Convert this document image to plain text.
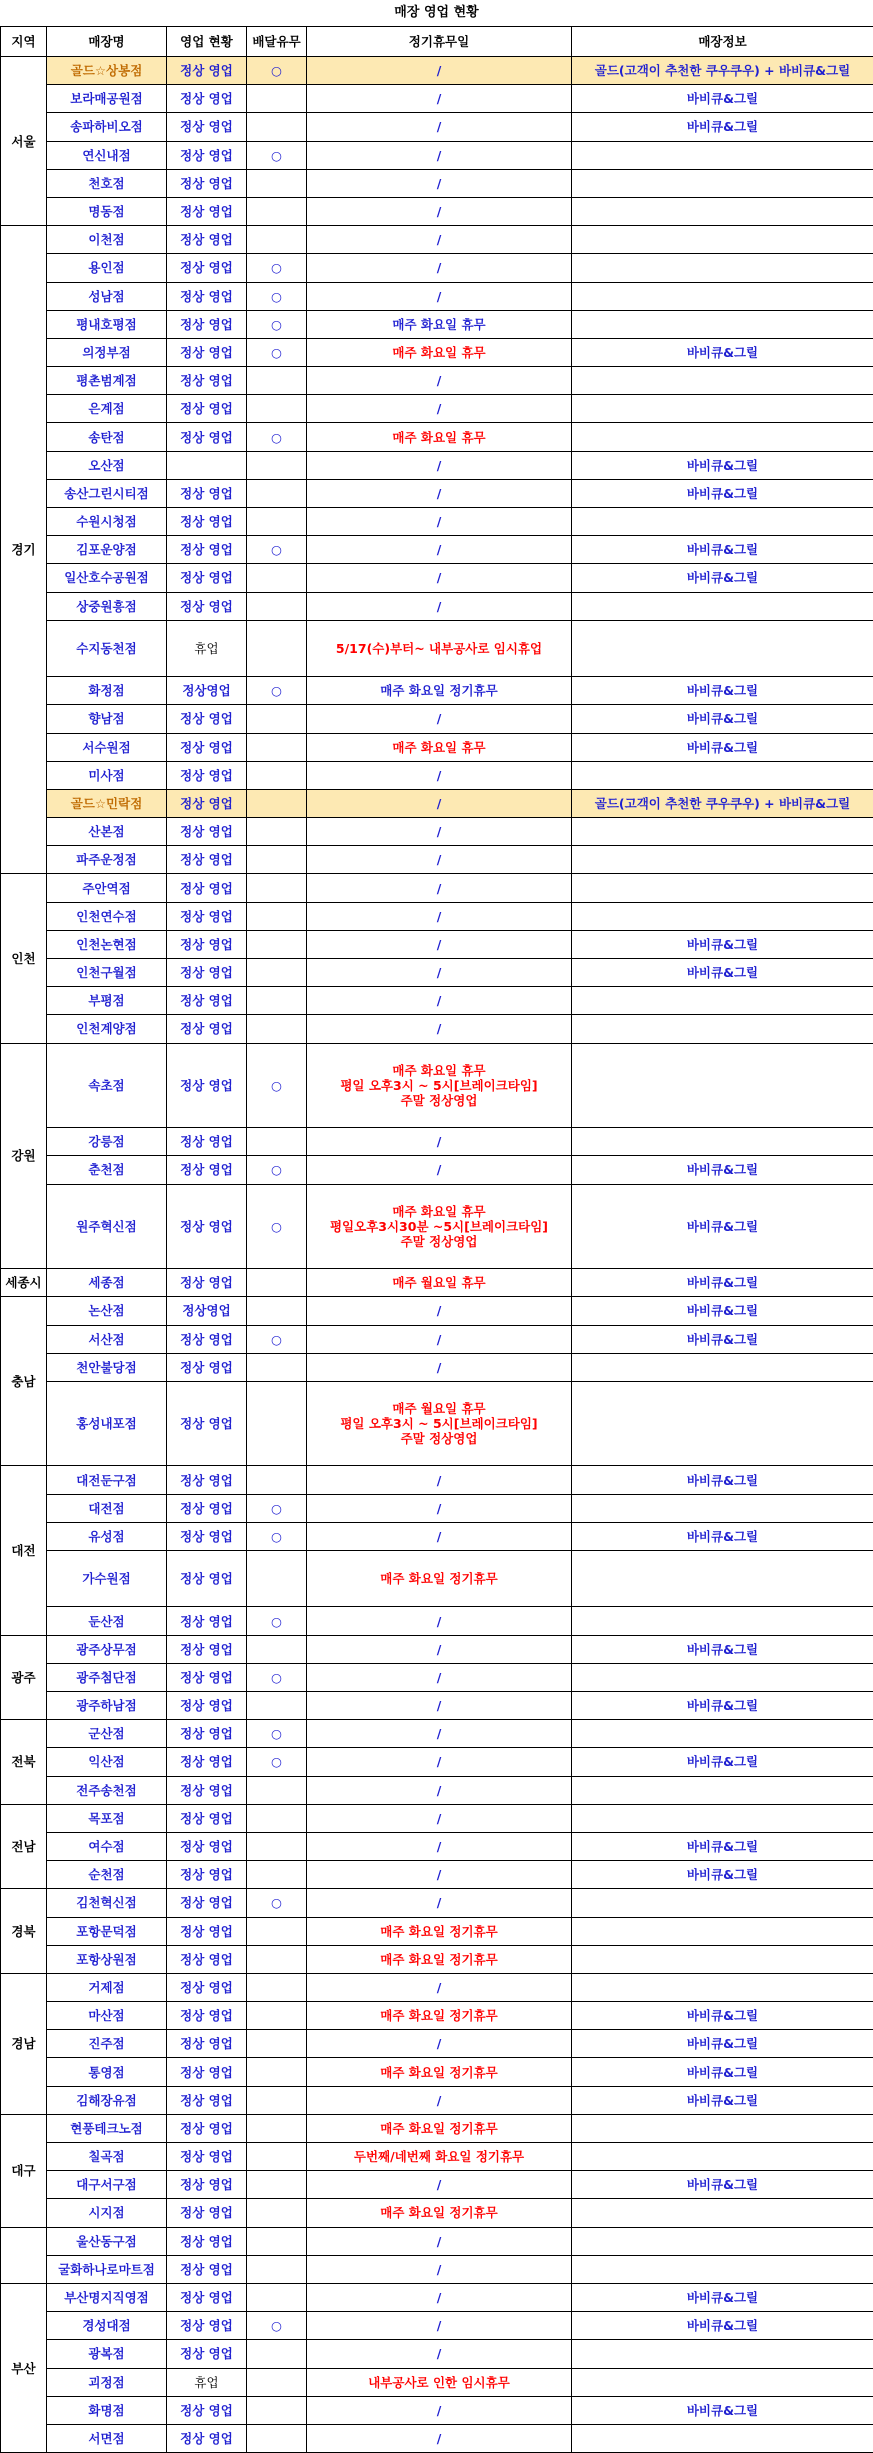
매장 영업 현황
지역	매장명	영업 현황	배달유무	정기휴무일	매장정보
서울	골드☆상봉점	정상 영업	○	/	골드(고객이 추천한 쿠우쿠우) + 바비큐&그릴
	보라매공원점	정상 영업		/	바비큐&그릴
	송파하비오점	정상 영업		/	바비큐&그릴
	연신내점	정상 영업	○	/	
	천호점	정상 영업		/	
	명동점	정상 영업		/	
경기	이천점	정상 영업		/	
	용인점	정상 영업	○	/	
	성남점	정상 영업	○	/	
	평내호평점	정상 영업	○	매주 화요일 휴무	
	의정부점	정상 영업	○	매주 화요일 휴무	바비큐&그릴
	평촌범계점	정상 영업		/	
	은계점	정상 영업		/	
	송탄점	정상 영업	○	매주 화요일 휴무	
	오산점			/	바비큐&그릴
	송산그린시티점	정상 영업		/	바비큐&그릴
	수원시청점	정상 영업		/	
	김포운양점	정상 영업	○	/	바비큐&그릴
	일산호수공원점	정상 영업		/	바비큐&그릴
	상중원흥점	정상 영업		/	
	수지동천점	휴업		5/17(수)부터~ 내부공사로 임시휴업	
	화정점	정상영업	○	매주 화요일 정기휴무	바비큐&그릴
	향남점	정상 영업		/	바비큐&그릴
	서수원점	정상 영업		매주 화요일 휴무	바비큐&그릴
	미사점	정상 영업		/	
	골드☆민락점	정상 영업		/	골드(고객이 추천한 쿠우쿠우) + 바비큐&그릴
	산본점	정상 영업		/	
	파주운정점	정상 영업		/	
인천	주안역점	정상 영업		/	
	인천연수점	정상 영업		/	
	인천논현점	정상 영업		/	바비큐&그릴
	인천구월점	정상 영업		/	바비큐&그릴
	부평점	정상 영업		/	
	인천계양점	정상 영업		/	
강원	속초점	정상 영업	○	매주 화요일 휴무
평일 오후3시 ~ 5시[브레이크타임]
주말 정상영업	

	강릉점	정상 영업		/	
	춘천점	정상 영업	○	/	바비큐&그릴
	원주혁신점	정상 영업	○	매주 화요일 휴무
평일오후3시30분 ~5시[브레이크타임]
주말 정상영업	바비큐&그릴
세종시	세종점	정상 영업		매주 월요일 휴무	바비큐&그릴
충남	논산점	정상영업		/	바비큐&그릴
	서산점	정상 영업	○	/	바비큐&그릴
	천안불당점	정상 영업		/	
	홍성내포점	정상 영업		매주 월요일 휴무
평일 오후3시 ~ 5시[브레이크타임]
주말 정상영업	

대전	대전둔구점	정상 영업		/	바비큐&그릴
	대전점	정상 영업	○	/	
	유성점	정상 영업	○	/	바비큐&그릴
	가수원점	정상 영업		매주 화요일 정기휴무	
	둔산점	정상 영업	○	/	
광주	광주상무점	정상 영업		/	바비큐&그릴
	광주첨단점	정상 영업	○	/	
	광주하남점	정상 영업		/	바비큐&그릴
전북	군산점	정상 영업	○	/	
	익산점	정상 영업	○	/	바비큐&그릴
	전주송천점	정상 영업		/	
전남	목포점	정상 영업		/	
	여수점	정상 영업		/	바비큐&그릴
	순천점	정상 영업		/	바비큐&그릴
경북	김천혁신점	정상 영업	○	/	
	포항문덕점	정상 영업		매주 화요일 정기휴무	
	포항상원점	정상 영업		매주 화요일 정기휴무	
경남	거제점	정상 영업		/	
	마산점	정상 영업		매주 화요일 정기휴무	바비큐&그릴
	진주점	정상 영업		/	바비큐&그릴
	통영점	정상 영업		매주 화요일 정기휴무	바비큐&그릴
	김해장유점	정상 영업		/	바비큐&그릴
대구	현풍테크노점	정상 영업		매주 화요일 정기휴무	
	칠곡점	정상 영업		두번째/네번째 화요일 정기휴무	
	대구서구점	정상 영업		/	바비큐&그릴
	시지점	정상 영업		매주 화요일 정기휴무	
	울산동구점	정상 영업		/	
	굴화하나로마트점	정상 영업		/	
부산	부산명지직영점	정상 영업		/	바비큐&그릴
	경성대점	정상 영업	○	/	바비큐&그릴
	광복점	정상 영업		/	
	괴정점	휴업		내부공사로 인한 임시휴무	
	화명점	정상 영업		/	바비큐&그릴
	서면점	정상 영업		/	
